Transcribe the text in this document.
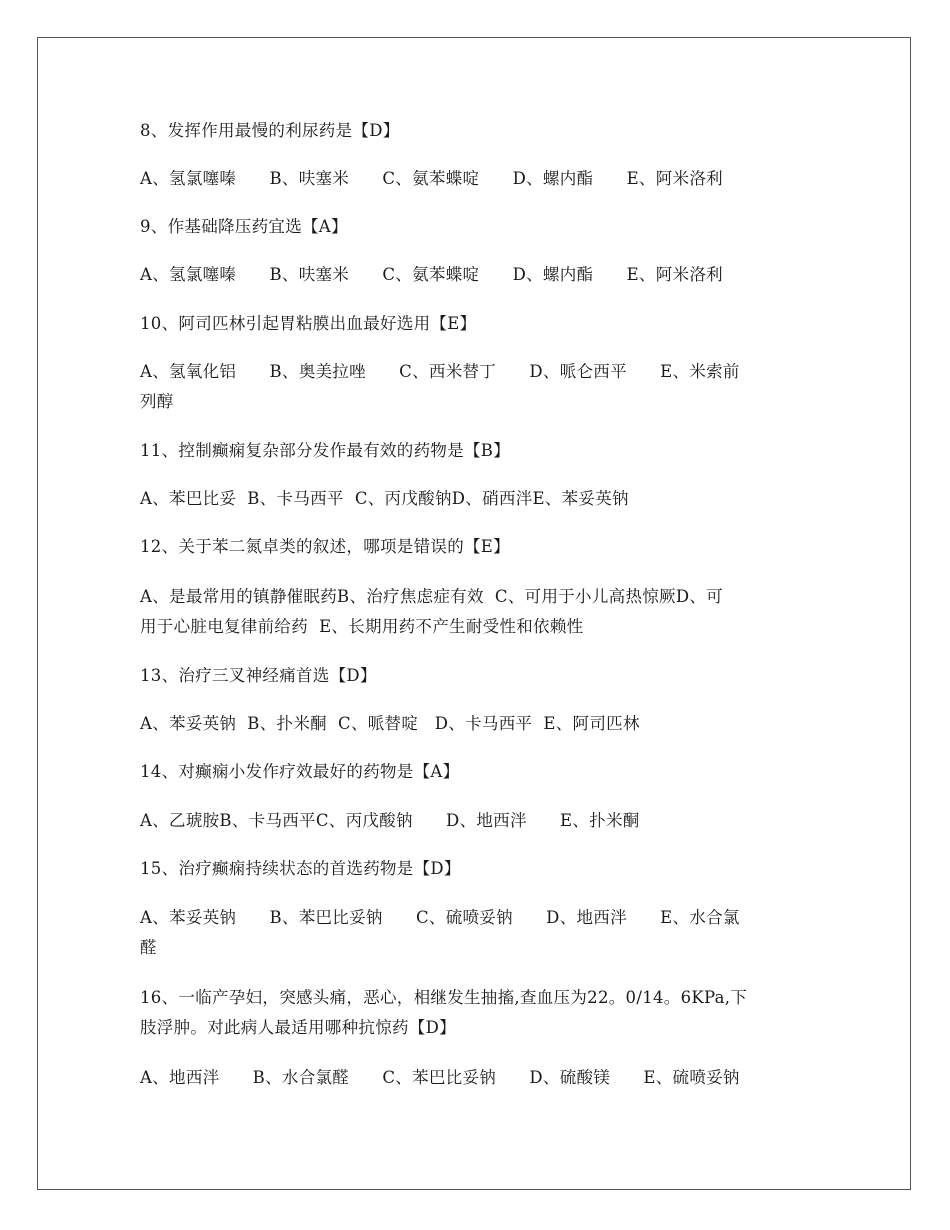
8、发挥作用最慢的利尿药是【D】
A、氢氯噻嗪      B、呋塞米      C、氨苯蝶啶      D、螺内酯      E、阿米洛利
9、作基础降压药宜选【A】
A、氢氯噻嗪      B、呋塞米      C、氨苯蝶啶      D、螺内酯      E、阿米洛利
10、阿司匹林引起胃粘膜出血最好选用【E】
A、氢氧化铝      B、奥美拉唑      C、西米替丁      D、哌仑西平      E、米索前
列醇
11、控制癫痫复杂部分发作最有效的药物是【B】
A、苯巴比妥  B、卡马西平  C、丙戊酸钠D、硝西泮E、苯妥英钠
12、关于苯二氮卓类的叙述，哪项是错误的【E】
A、是最常用的镇静催眠药B、治疗焦虑症有效  C、可用于小儿高热惊厥D、可
用于心脏电复律前给药  E、长期用药不产生耐受性和依赖性
13、治疗三叉神经痛首选【D】
A、苯妥英钠  B、扑米酮  C、哌替啶   D、卡马西平  E、阿司匹林
14、对癫痫小发作疗效最好的药物是【A】
A、乙琥胺B、卡马西平C、丙戊酸钠      D、地西泮      E、扑米酮
15、治疗癫痫持续状态的首选药物是【D】
A、苯妥英钠      B、苯巴比妥钠      C、硫喷妥钠      D、地西泮      E、水合氯
醛
16、一临产孕妇，突感头痛，恶心，相继发生抽搐,查血压为22。0/14。6KPa,下
肢浮肿。对此病人最适用哪种抗惊药【D】
A、地西泮      B、水合氯醛      C、苯巴比妥钠      D、硫酸镁      E、硫喷妥钠
